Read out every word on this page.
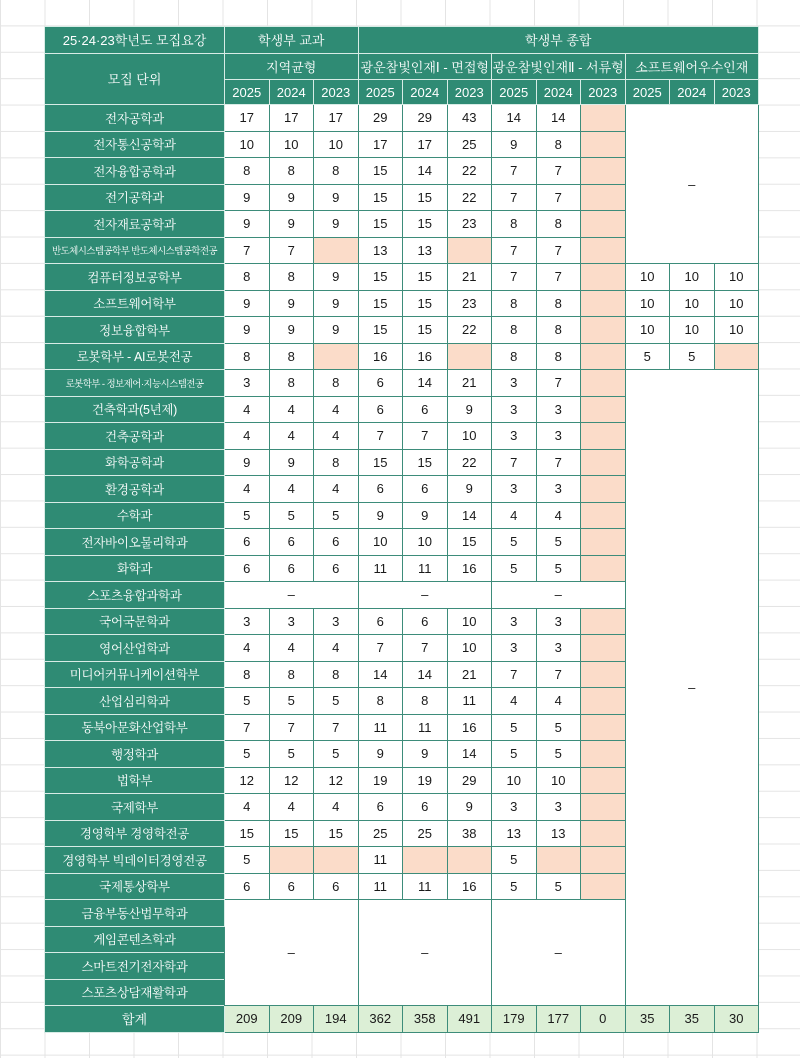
25·24·23학년도 모집요강	학생부 교과			학생부 종합								
모집 단위	지역균형			광운참빛인재Ⅰ - 면접형			광운참빛인재Ⅱ - 서류형			소프트웨어우수인재		
	2025	2024	2023	2025	2024	2023	2025	2024	2023	2025	2024	2023
전자공학과	17	17	17	29	29	43	14	14		–		
전자통신공학과	10	10	10	17	17	25	9	8				
전자융합공학과	8	8	8	15	14	22	7	7				
전기공학과	9	9	9	15	15	22	7	7				
전자재료공학과	9	9	9	15	15	23	8	8				
반도체시스템공학부 반도체시스템공학전공	7	7		13	13		7	7				
컴퓨터정보공학부	8	8	9	15	15	21	7	7		10	10	10
소프트웨어학부	9	9	9	15	15	23	8	8		10	10	10
정보융합학부	9	9	9	15	15	22	8	8		10	10	10
로봇학부 - AI로봇전공	8	8		16	16		8	8		5	5	
로봇학부 - 정보제어·지능시스템전공	3	8	8	6	14	21	3	7		–		
건축학과(5년제)	4	4	4	6	6	9	3	3				
건축공학과	4	4	4	7	7	10	3	3				
화학공학과	9	9	8	15	15	22	7	7				
환경공학과	4	4	4	6	6	9	3	3				
수학과	5	5	5	9	9	14	4	4				
전자바이오물리학과	6	6	6	10	10	15	5	5				
화학과	6	6	6	11	11	16	5	5				
스포츠융합과학과	–			–			–					
국어국문학과	3	3	3	6	6	10	3	3				
영어산업학과	4	4	4	7	7	10	3	3				
미디어커뮤니케이션학부	8	8	8	14	14	21	7	7				
산업심리학과	5	5	5	8	8	11	4	4				
동북아문화산업학부	7	7	7	11	11	16	5	5				
행정학과	5	5	5	9	9	14	5	5				
법학부	12	12	12	19	19	29	10	10				
국제학부	4	4	4	6	6	9	3	3				
경영학부 경영학전공	15	15	15	25	25	38	13	13				
경영학부 빅데이터경영전공	5			11			5					
국제통상학부	6	6	6	11	11	16	5	5				
금융부동산법무학과	–			–			–					
게임콘텐츠학과												
스마트전기전자학과												
스포츠상담재활학과												
합계	209	209	194	362	358	491	179	177	0	35	35	30
